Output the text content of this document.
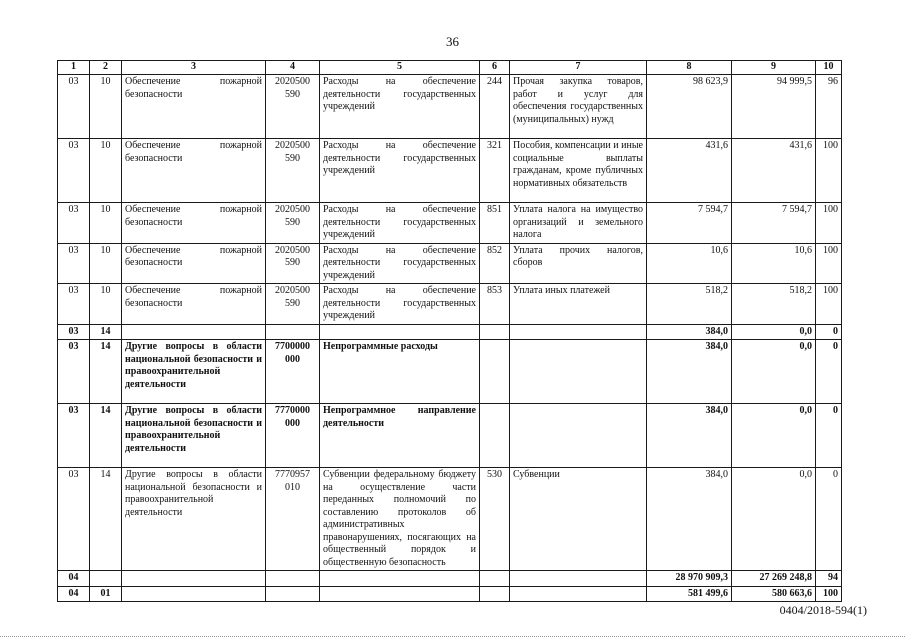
36
1	2	3	4	5	6	7	8	9	10
03	10	Обеспечение пожарной безопасности	2020500 590	Расходы на обеспечение деятельности государственных учреждений	244	Прочая закупка товаров, работ и услуг для обеспечения государственных (муниципальных) нужд	98 623,9	94 999,5	96
03	10	Обеспечение пожарной безопасности	2020500 590	Расходы на обеспечение деятельности государственных учреждений	321	Пособия, компенсации и иные социальные выплаты гражданам, кроме публичных нормативных обязательств	431,6	431,6	100
03	10	Обеспечение пожарной безопасности	2020500 590	Расходы на обеспечение деятельности государственных учреждений	851	Уплата налога на имущество организаций и земельного налога	7 594,7	7 594,7	100
03	10	Обеспечение пожарной безопасности	2020500 590	Расходы на обеспечение деятельности государственных учреждений	852	Уплата прочих налогов, сборов	10,6	10,6	100
03	10	Обеспечение пожарной безопасности	2020500 590	Расходы на обеспечение деятельности государственных учреждений	853	Уплата иных платежей	518,2	518,2	100
03	14						384,0	0,0	0
03	14	Другие вопросы в области национальной безопасности и правоохранительной деятельности	7700000 000	Непрограммные расходы			384,0	0,0	0
03	14	Другие вопросы в области национальной безопасности и правоохранительной деятельности	7770000 000	Непрограммное направление деятельности			384,0	0,0	0
03	14	Другие вопросы в области национальной безопасности и правоохранительной деятельности	7770957 010	Субвенции федеральному бюджету на осуществление части переданных полномочий по составлению протоколов об административных правонарушениях, посягающих на общественный порядок и общественную безопасность	530	Субвенции	384,0	0,0	0
04							28 970 909,3	27 269 248,8	94
04	01						581 499,6	580 663,6	100
0404/2018-594(1)
